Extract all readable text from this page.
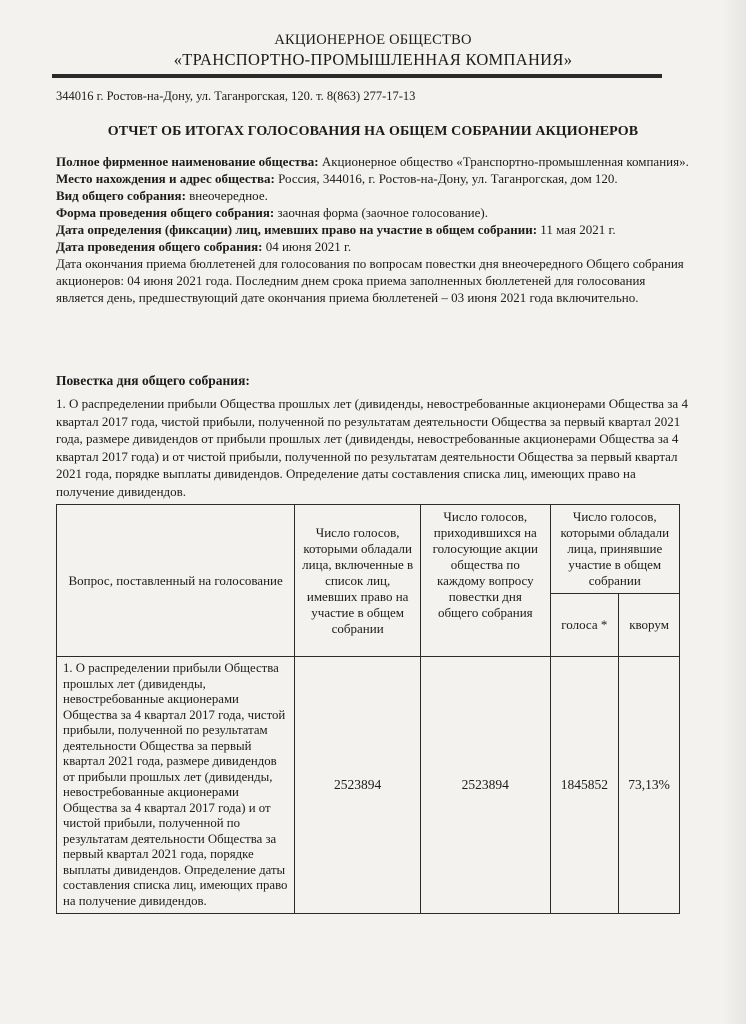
АКЦИОНЕРНОЕ ОБЩЕСТВО
«ТРАНСПОРТНО-ПРОМЫШЛЕННАЯ КОМПАНИЯ»
344016 г. Ростов-на-Дону, ул. Таганрогская, 120. т. 8(863) 277-17-13
ОТЧЕТ ОБ ИТОГАХ ГОЛОСОВАНИЯ НА ОБЩЕМ СОБРАНИИ АКЦИОНЕРОВ

Полное фирменное наименование общества: Акционерное общество «Транспортно-промышленная компания».

Место нахождения и адрес общества: Россия, 344016, г. Ростов-на-Дону, ул. Таганрогская, дом 120.

Вид общего собрания: внеочередное.

Форма проведения общего собрания: заочная форма (заочное голосование).

Дата определения (фиксации) лиц, имевших право на участие в общем собрании: 11 мая 2021 г.

Дата проведения общего собрания: 04 июня 2021 г.

Дата окончания приема бюллетеней для голосования по вопросам повестки дня внеочередного Общего собрания акционеров: 04 июня 2021 года. Последним днем срока приема заполненных бюллетеней для голосования является день, предшествующий дате окончания приема бюллетеней – 03 июня 2021 года включительно.

Повестка дня общего собрания:
1. О распределении прибыли Общества прошлых лет (дивиденды, невостребованные акционерами Общества за 4 квартал 2017 года, чистой прибыли, полученной по результатам деятельности Общества за первый квартал 2021 года, размере дивидендов от прибыли прошлых лет (дивиденды, невостребованные акционерами Общества за 4 квартал 2017 года) и от чистой прибыли, полученной по результатам деятельности Общества за первый квартал 2021 года, порядке выплаты дивидендов. Определение даты составления списка лиц, имеющих право на получение дивидендов.
Вопрос, поставленный на голосование	Число голосов, которыми обладали лица, включенные в список лиц, имевших право на участие в общем собрании	Число голосов, приходившихся на голосующие акции общества по каждому вопросу повестки дня общего собрания	Число голосов, которыми обладали лица, принявшие участие в общем собрании	
			голоса *	кворум
1. О распределении прибыли Общества прошлых лет (дивиденды, невостребованные акционерами Общества за 4 квартал 2017 года, чистой прибыли, полученной по результатам деятельности Общества за первый квартал 2021 года, размере дивидендов от прибыли прошлых лет (дивиденды, невостребованные акционерами Общества за 4 квартал 2017 года) и от чистой прибыли, полученной по результатам деятельности Общества за первый квартал 2021 года, порядке выплаты дивидендов. Определение даты составления списка лиц, имеющих право на получение дивидендов.	2523894	2523894	1845852	73,13%
